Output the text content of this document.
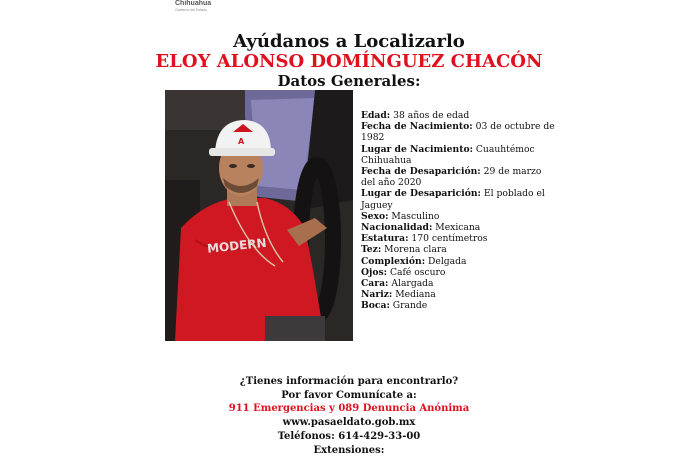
Chihuahua
Gobierno del Estado
Ayúdanos a Localizarlo
ELOY ALONSO DOMÍNGUEZ CHACÓN
Datos Generales:
MODERN
A
Edad: 38 años de edad
Fecha de Nacimiento: 03 de octubre de 1982
Lugar de Nacimiento: Cuauhtémoc Chihuahua
Fecha de Desaparición: 29 de marzo del año 2020
Lugar de Desaparición: El poblado el Jaguey
Sexo: Masculino
Nacionalidad: Mexicana
Estatura: 170 centímetros
Tez: Morena clara
Complexión: Delgada
Ojos: Café oscuro
Cara: Alargada
Nariz: Mediana
Boca: Grande
¿Tienes información para encontrarlo?
Por favor Comunícate a:
911 Emergencias y 089 Denuncia Anónima
www.pasaeldato.gob.mx
Teléfonos: 614-429-33-00
Extensiones:
